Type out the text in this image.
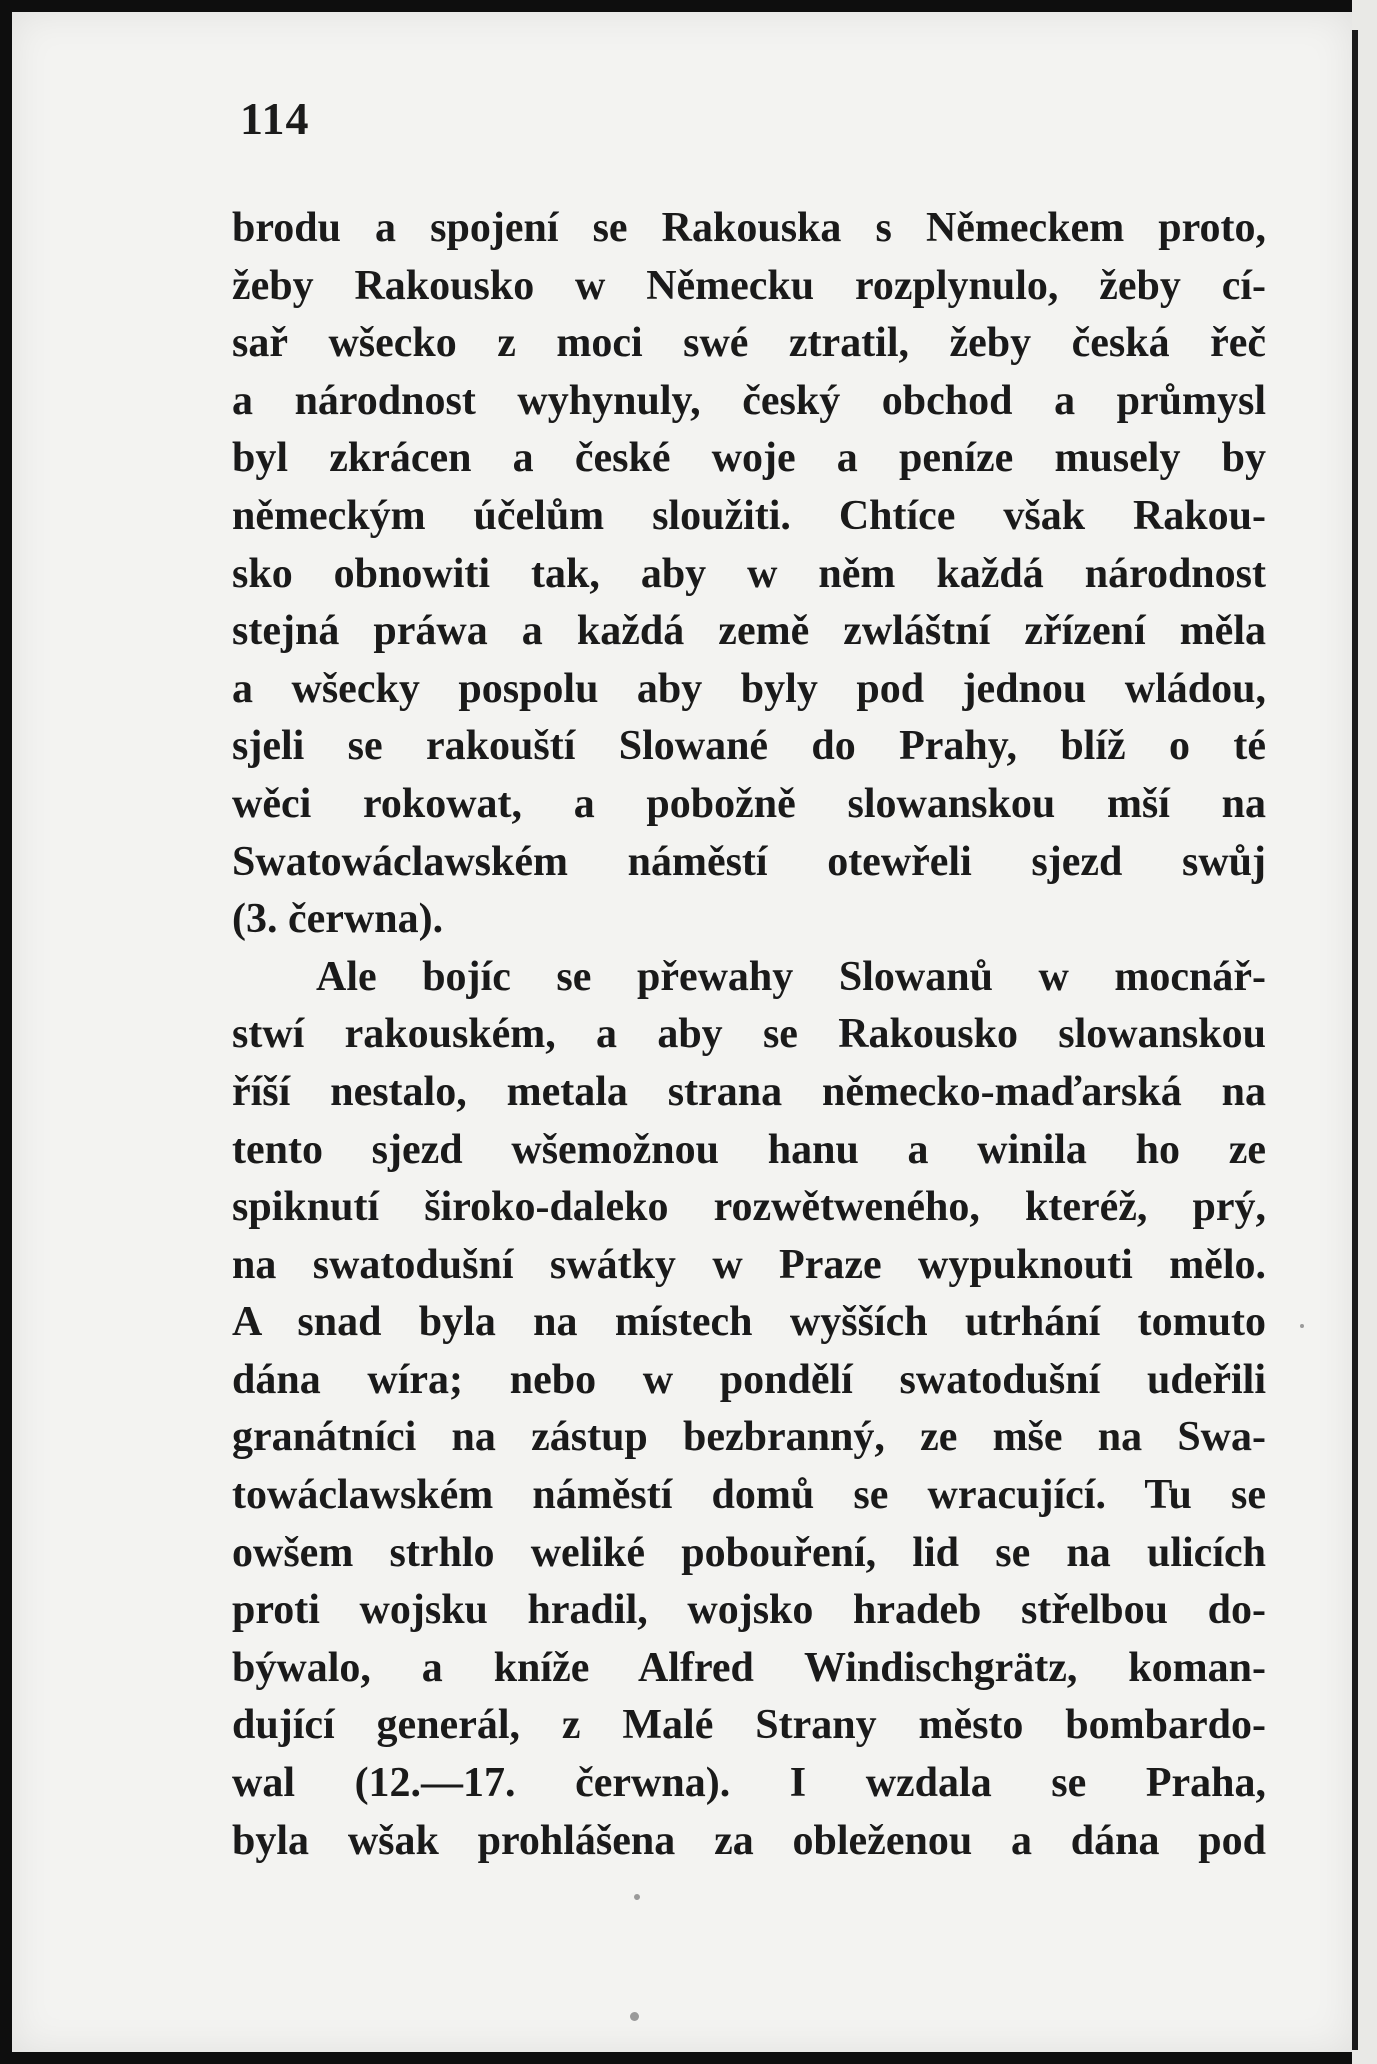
114
brodu a spojení se Rakouska s Německem proto,
žeby Rakousko w Německu rozplynulo, žeby cí-
sař wšecko z moci swé ztratil, žeby česká řeč
a národnost wyhynuly, český obchod a průmysl
byl zkrácen a české woje a peníze musely by
německým účelům sloužiti. Chtíce však Rakou-
sko obnowiti tak, aby w něm každá národnost
stejná práwa a každá země zwláštní zřízení měla
a wšecky pospolu aby byly pod jednou wládou,
sjeli se rakouští Slowané do Prahy, blíž o té
wěci rokowat, a pobožně slowanskou mší na
Swatowáclawském náměstí otewřeli sjezd swůj
(3. čerwna).
Ale bojíc se přewahy Slowanů w mocnář-
stwí rakouském, a aby se Rakousko slowanskou
říší nestalo, metala strana německo-maďarská na
tento sjezd wšemožnou hanu a winila ho ze
spiknutí široko-daleko rozwětweného, kteréž, prý,
na swatodušní swátky w Praze wypuknouti mělo.
A snad byla na místech wyšších utrhání tomuto
dána wíra; nebo w pondělí swatodušní udeřili
granátníci na zástup bezbranný, ze mše na Swa-
towáclawském náměstí domů se wracující. Tu se
owšem strhlo weliké pobouření, lid se na ulicích
proti wojsku hradil, wojsko hradeb střelbou do-
býwalo, a kníže Alfred Windischgrätz, koman-
dující generál, z Malé Strany město bombardo-
wal (12.—17. čerwna). I wzdala se Praha,
byla wšak prohlášena za obleženou a dána pod
